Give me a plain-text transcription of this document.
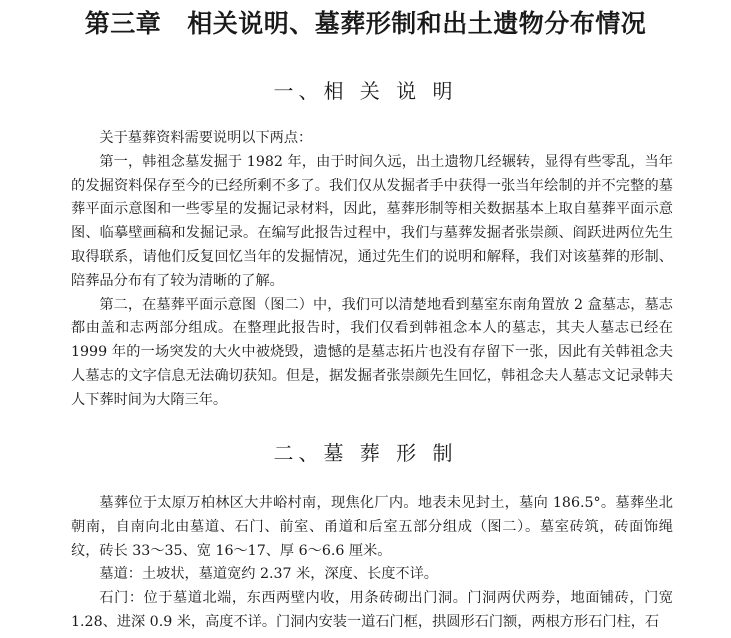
第三章 相关说明、墓葬形制和出土遗物分布情况
一、相 关 说 明

关于墓葬资料需要说明以下两点：

第一，韩祖念墓发掘于 1982 年，由于时间久远，出土遗物几经辗转，显得有些零乱，当年的发掘资料保存至今的已经所剩不多了。我们仅从发掘者手中获得一张当年绘制的并不完整的墓葬平面示意图和一些零星的发掘记录材料，因此，墓葬形制等相关数据基本上取自墓葬平面示意图、临摹壁画稿和发掘记录。在编写此报告过程中，我们与墓葬发掘者张崇颜、阎跃进两位先生取得联系，请他们反复回忆当年的发掘情况，通过先生们的说明和解释，我们对该墓葬的形制、陪葬品分布有了较为清晰的了解。

第二，在墓葬平面示意图（图二）中，我们可以清楚地看到墓室东南角置放 2 盒墓志，墓志都由盖和志两部分组成。在整理此报告时，我们仅看到韩祖念本人的墓志，其夫人墓志已经在 1999 年的一场突发的大火中被烧毁，遗憾的是墓志拓片也没有存留下一张，因此有关韩祖念夫人墓志的文字信息无法确切获知。但是，据发掘者张崇颜先生回忆，韩祖念夫人墓志文记录韩夫人下葬时间为大隋三年。

二、墓 葬 形 制

墓葬位于太原万柏林区大井峪村南，现焦化厂内。地表未见封土，墓向 186.5°。墓葬坐北朝南，自南向北由墓道、石门、前室、甬道和后室五部分组成（图二）。墓室砖筑，砖面饰绳纹，砖长 33～35、宽 16～17、厚 6～6.6 厘米。

墓道：土坡状，墓道宽约 2.37 米，深度、长度不详。

石门：位于墓道北端，东西两壁内收，用条砖砌出门洞。门洞两伏两券，地面铺砖，门宽 1.28、进深 0.9 米，高度不详。门洞内安装一道石门框，拱圆形石门额，两根方形石门柱，石
